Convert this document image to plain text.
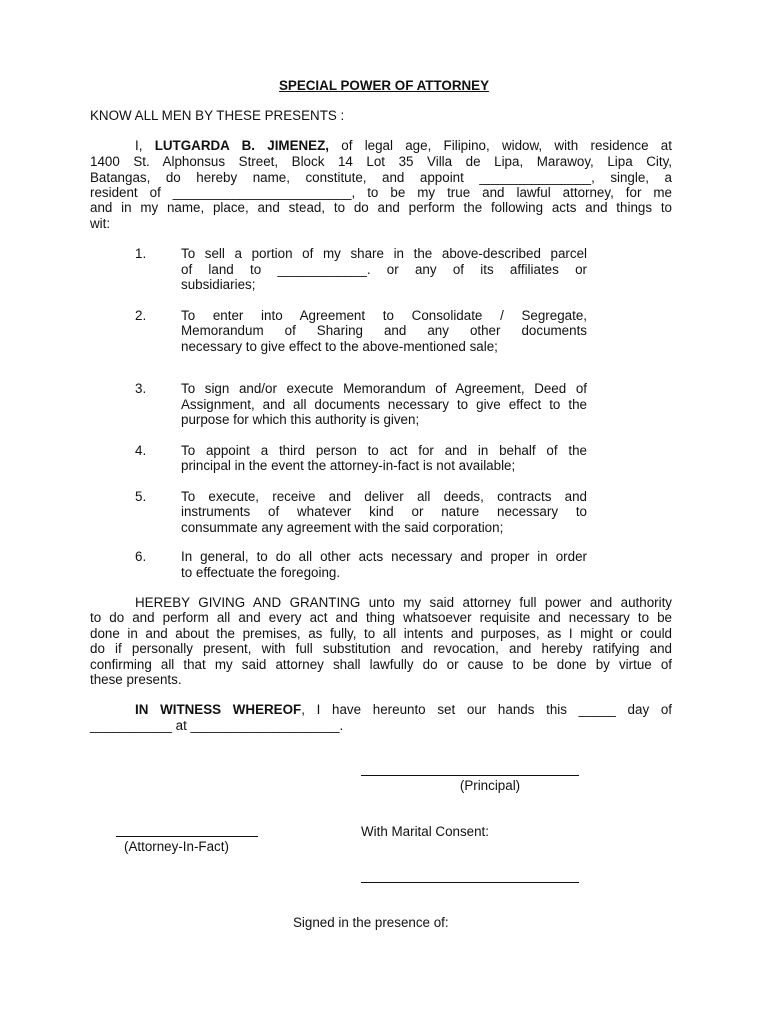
SPECIAL POWER OF ATTORNEY
KNOW ALL MEN BY THESE PRESENTS :
I, LUTGARDA B. JIMENEZ, of legal age, Filipino, widow, with residence at
1400 St. Alphonsus Street, Block 14 Lot 35 Villa de Lipa, Marawoy, Lipa City,
Batangas, do hereby name, constitute, and appoint _______________, single, a
resident of ________________________, to be my true and lawful attorney, for me
and in my name, place, and stead, to do and perform the following acts and things to
wit:
1.	To sell a portion of my share in the above-described parcel
of land to ____________. or any of its affiliates or
subsidiaries;
2.	To enter into Agreement to Consolidate / Segregate,
Memorandum of Sharing and any other documents
necessary to give effect to the above-mentioned sale;
3.	To sign and/or execute Memorandum of Agreement, Deed of
Assignment, and all documents necessary to give effect to the
purpose for which this authority is given;
4.	To appoint a third person to act for and in behalf of the
principal in the event the attorney-in-fact is not available;
5.	To execute, receive and deliver all deeds, contracts and
instruments of whatever kind or nature necessary to
consummate any agreement with the said corporation;
6.	In general, to do all other acts necessary and proper in order
to effectuate the foregoing.
HEREBY GIVING AND GRANTING unto my said attorney full power and authority
to do and perform all and every act and thing whatsoever requisite and necessary to be
done in and about the premises, as fully, to all intents and purposes, as I might or could
do if personally present, with full substitution and revocation, and hereby ratifying and
confirming all that my said attorney shall lawfully do or cause to be done by virtue of
these presents.
IN WITNESS WHEREOF, I have hereunto set our hands this _____ day of
___________ at ____________________.
(Principal)
(Attorney-In-Fact)
With Marital Consent:
Signed in the presence of:
